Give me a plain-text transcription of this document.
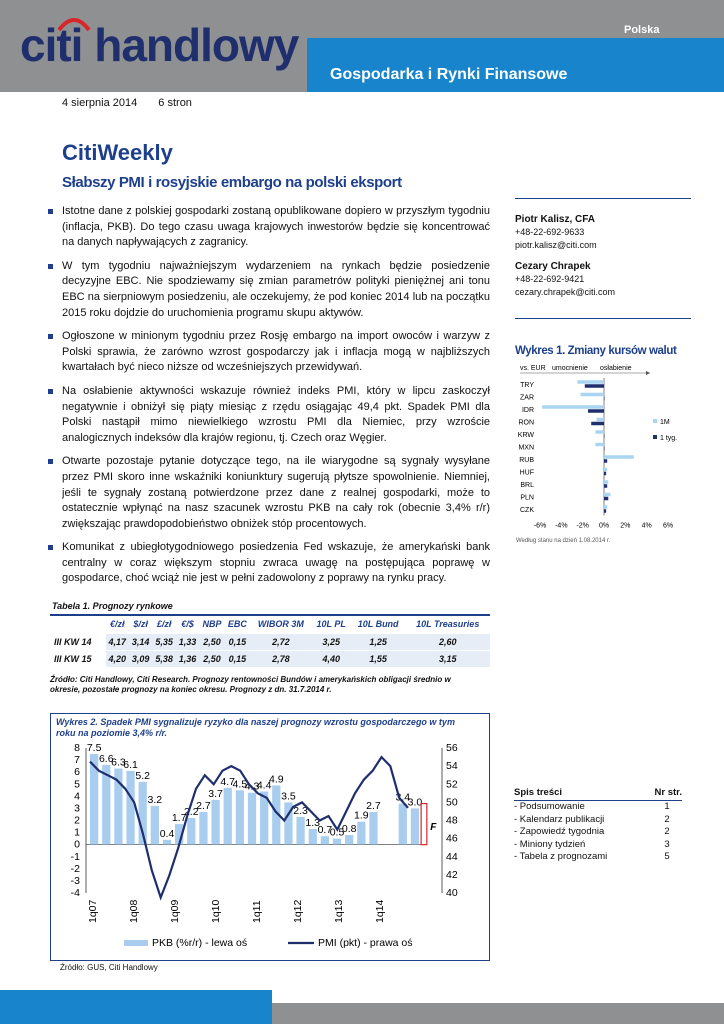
citi handlowy	Polska
Gospodarka i Rynki Finansowe
4 sierpnia 2014 6 stron
CitiWeekly
Słabszy PMI i rosyjskie embargo na polski eksport
Istotne dane z polskiej gospodarki zostaną opublikowane dopiero w przyszłym tygodniu (inflacja, PKB). Do tego czasu uwaga krajowych inwestorów będzie się koncentrować na danych napływających z zagranicy.
W tym tygodniu najważniejszym wydarzeniem na rynkach będzie posiedzenie decyzyjne EBC. Nie spodziewamy się zmian parametrów polityki pieniężnej ani tonu EBC na sierpniowym posiedzeniu, ale oczekujemy, że pod koniec 2014 lub na początku 2015 roku dojdzie do uruchomienia programu skupu aktywów.
Ogłoszone w minionym tygodniu przez Rosję embargo na import owoców i warzyw z Polski sprawia, że zarówno wzrost gospodarczy jak i inflacja mogą w najbliższych kwartałach być nieco niższe od wcześniejszych przewidywań.
Na osłabienie aktywności wskazuje również indeks PMI, który w lipcu zaskoczył negatywnie i obniżył się piąty miesiąc z rzędu osiągając 49,4 pkt. Spadek PMI dla Polski nastąpił mimo niewielkiego wzrostu PMI dla Niemiec, przy wzroście analogicznych indeksów dla krajów regionu, tj. Czech oraz Węgier.
Otwarte pozostaje pytanie dotyczące tego, na ile wiarygodne są sygnały wysyłane przez PMI skoro inne wskaźniki koniunktury sugerują płytsze spowolnienie. Niemniej, jeśli te sygnały zostaną potwierdzone przez dane z realnej gospodarki, może to ostatecznie wpłynąć na nasz szacunek wzrostu PKB na cały rok (obecnie 3,4% r/r) zwiększając prawdopodobieństwo obniżek stóp procentowych.
Komunikat z ubiegłotygodniowego posiedzenia Fed wskazuje, że amerykański bank centralny w coraz większym stopniu zwraca uwagę na postępująca poprawę w gospodarce, choć wciąż nie jest w pełni zadowolony z poprawy na rynku pracy.
Piotr Kalisz, CFA
+48-22-692-9633
piotr.kalisz@citi.com
Cezary Chrapek
+48-22-692-9421
cezary.chrapek@citi.com
Wykres 1. Zmiany kursów walut
vs. EUR umocnienie osłabienie
TRY
ZAR
IDR
RON
KRW
MXN
RUB
HUF
BRL
PLN
CZK
-6% -4% -2% 0% 2% 4% 6%
1M
1 tyg.
Według stanu na dzień 1.08.2014 r.
Tabela 1. Prognozy rynkowe
	€/zł	$/zł	£/zł	€/$	NBP	EBC	WIBOR 3M	10L PL	10L Bund	10L Treasuries
III KW 14	4,17	3,14	5,35	1,33	2,50	0,15	2,72	3,25	1,25	2,60
III KW 15	4,20	3,09	5,38	1,36	2,50	0,15	2,78	4,40	1,55	3,15
Źródło: Citi Handlowy, Citi Research. Prognozy rentowności Bundów i amerykańskich obligacji średnio w
okresie, pozostałe prognozy na koniec okresu. Prognozy z dn. 31.7.2014 r.
Wykres 2. Spadek PMI sygnalizuje ryzyko dla naszej prognozy wzrostu gospodarczego w tym roku na poziomie 3,4% r/r.
8
7
6
5
4
3
2
1
0
-1
-2
-3
-4
56
54
52
50
48
46
44
42
40
7.5
6.6
6.3
6.1
5.2
3.2
0.4
1.7
2.2
2.7
3.7
4.7
4.5
4.3
4.4
4.9
3.5
2.3
1.3
0.7
0.5
0.8
1.9
2.7
3.4
3.0
F
1q07	1q08	1q09	1q10	1q11	1q12	1q13	1q14
PKB (%r/r) - lewa oś	PMI (pkt) - prawa oś
Źródło: GUS, Citi Handlowy
Spis treści	Nr str.
- Podsumowanie	1
- Kalendarz publikacji	2
- Zapowiedź tygodnia	2
- Miniony tydzień	3
- Tabela z prognozami	5
